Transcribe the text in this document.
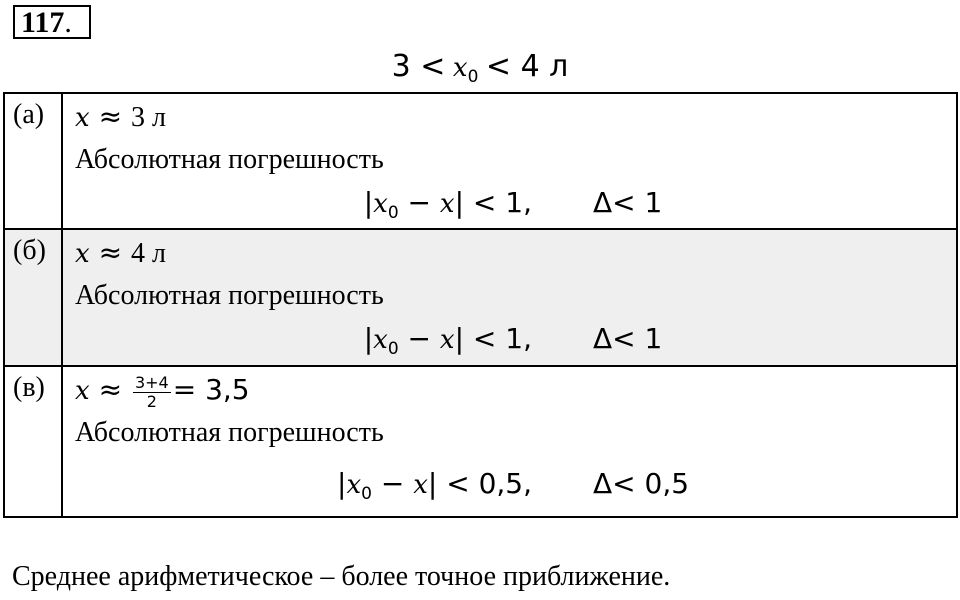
117.
$3 < x_0 < 4$ л
(а)	x ≈ 3 л
Абсолютная погрешность
$|x_0 - x| < 1$, Δ< 1
(б)	x ≈ 4 л
Абсолютная погрешность
$|x_0 - x| < 1$, Δ< 1
(в)	$x \approx \frac{3+4}{2} = 3,5$
Абсолютная погрешность
$|x_0 - x| < 0,5$, Δ< 0,5
Среднее арифметическое – более точное приближение.
